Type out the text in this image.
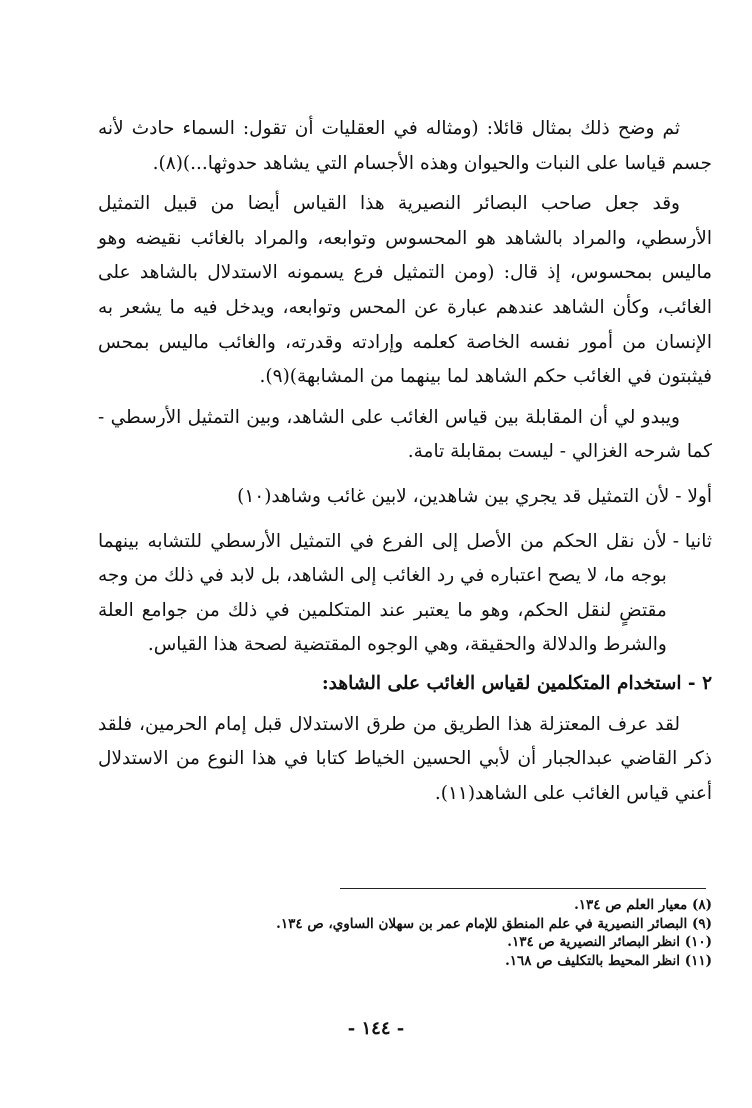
ثم وضح ذلك بمثال قائلا: (ومثاله في العقليات أن تقول: السماء حادث لأنه جسم قياسا على النبات والحيوان وهذه الأجسام التي يشاهد حدوثها...)(٨).

وقد جعل صاحب البصائر النصيرية هذا القياس أيضا من قبيل التمثيل الأرسطي، والمراد بالشاهد هو المحسوس وتوابعه، والمراد بالغائب نقيضه وهو ماليس بمحسوس، إذ قال: (ومن التمثيل فرع يسمونه الاستدلال بالشاهد على الغائب، وكأن الشاهد عندهم عبارة عن المحس وتوابعه، ويدخل فيه ما يشعر به الإنسان من أمور نفسه الخاصة كعلمه وإرادته وقدرته، والغائب ماليس بمحس فيثبتون في الغائب حكم الشاهد لما بينهما من المشابهة)(٩).

ويبدو لي أن المقابلة بين قياس الغائب على الشاهد، وبين التمثيل الأرسطي - كما شرحه الغزالي - ليست بمقابلة تامة.

أولا -

لأن التمثيل قد يجري بين شاهدين، لابين غائب وشاهد(١٠)

ثانيا -

لأن نقل الحكم من الأصل إلى الفرع في التمثيل الأرسطي للتشابه بينهما بوجه ما، لا يصح اعتباره في رد الغائب إلى الشاهد، بل لابد في ذلك من وجه مقتضٍ لنقل الحكم، وهو ما يعتبر عند المتكلمين في ذلك من جوامع العلة والشرط والدلالة والحقيقة، وهي الوجوه المقتضية لصحة هذا القياس.

٢ - استخدام المتكلمين لقياس الغائب على الشاهد:

لقد عرف المعتزلة هذا الطريق من طرق الاستدلال قبل إمام الحرمين، فلقد ذكر القاضي عبدالجبار أن لأبي الحسين الخياط كتابا في هذا النوع من الاستدلال أعني قياس الغائب على الشاهد(١١).

(٨) معيار العلم ص ١٣٤.
(٩) البصائر النصيرية في علم المنطق للإمام عمر بن سهلان الساوي، ص ١٣٤.
(١٠) انظر البصائر النصيرية ص ١٣٤.
(١١) انظر المحيط بالتكليف ص ١٦٨.
- ١٤٤ -
